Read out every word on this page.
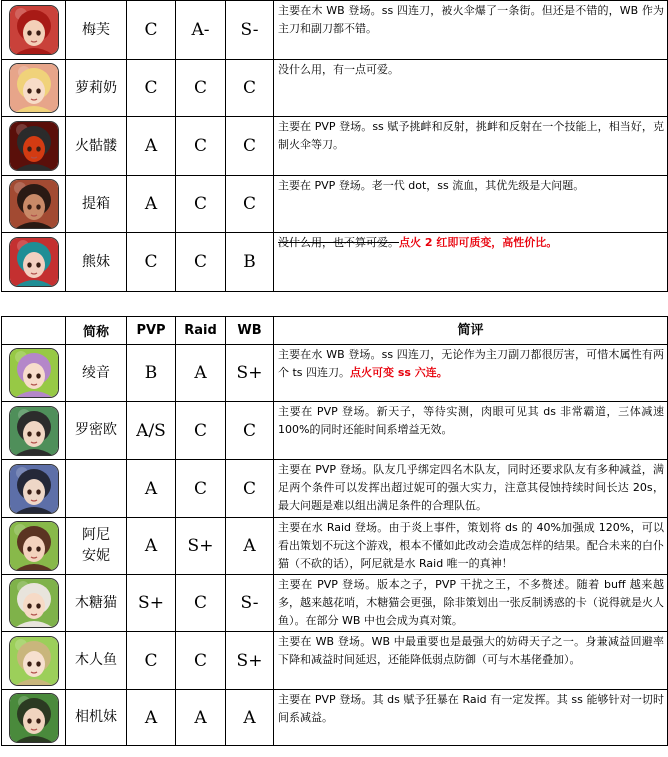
	梅芙	C	A-	S-	主要在木 WB 登场。ss 四连刀，被火伞爆了一条街。但还是不错的，WB 作为主刀和副刀都不错。

	萝莉奶	C	C	C	没什么用，有一点可爱。

	火骷髅	A	C	C	主要在 PVP 登场。ss 赋予挑衅和反射，挑衅和反射在一个技能上，相当好，克制火伞等刀。

	提箱	A	C	C	主要在 PVP 登场。老一代 dot，ss 流血，其优先级是大问题。

	熊妹	C	C	B	没什么用，也不算可爱。点火 2 红即可质变，高性价比。
	简称	PVP	Raid	WB	简评

	绫音	B	A	S+	主要在水 WB 登场。ss 四连刀，无论作为主刀副刀都很厉害，可惜木属性有两个 ts 四连刀。点火可变 ss 六连。

	罗密欧	A/S	C	C	主要在 PVP 登场。新天子，等待实测，肉眼可见其 ds 非常霸道，三体减速 100%的同时还能时间系增益无效。

		A	C	C	主要在 PVP 登场。队友几乎绑定四名木队友，同时还要求队友有多种减益，满足两个条件可以发挥出超过妮可的强大实力，注意其侵蚀持续时间长达 20s，最大问题是难以组出满足条件的合理队伍。

	阿尼
安妮	A	S+	A	主要在水 Raid 登场。由于炎上事件，策划将 ds 的 40%加强成 120%，可以看出策划不玩这个游戏，根本不懂如此改动会造成怎样的结果。配合未来的白仆猫（不砍的话），阿尼就是水 Raid 唯一的真神！

	木糖猫	S+	C	S-	主要在 PVP 登场。版本之子，PVP 干扰之王，不多赘述。随着 buff 越来越多，越来越花哨，木糖猫会更强，除非策划出一张反制诱惑的卡（说得就是火人鱼）。在部分 WB 中也会成为真对策。

	木人鱼	C	C	S+	主要在 WB 登场。WB 中最重要也是最强大的妨碍天子之一。身兼减益回避率下降和减益时间延迟，还能降低弱点防御（可与木基佬叠加）。

	相机妹	A	A	A	主要在 PVP 登场。其 ds 赋予狂暴在 Raid 有一定发挥。其 ss 能够针对一切时间系减益。
